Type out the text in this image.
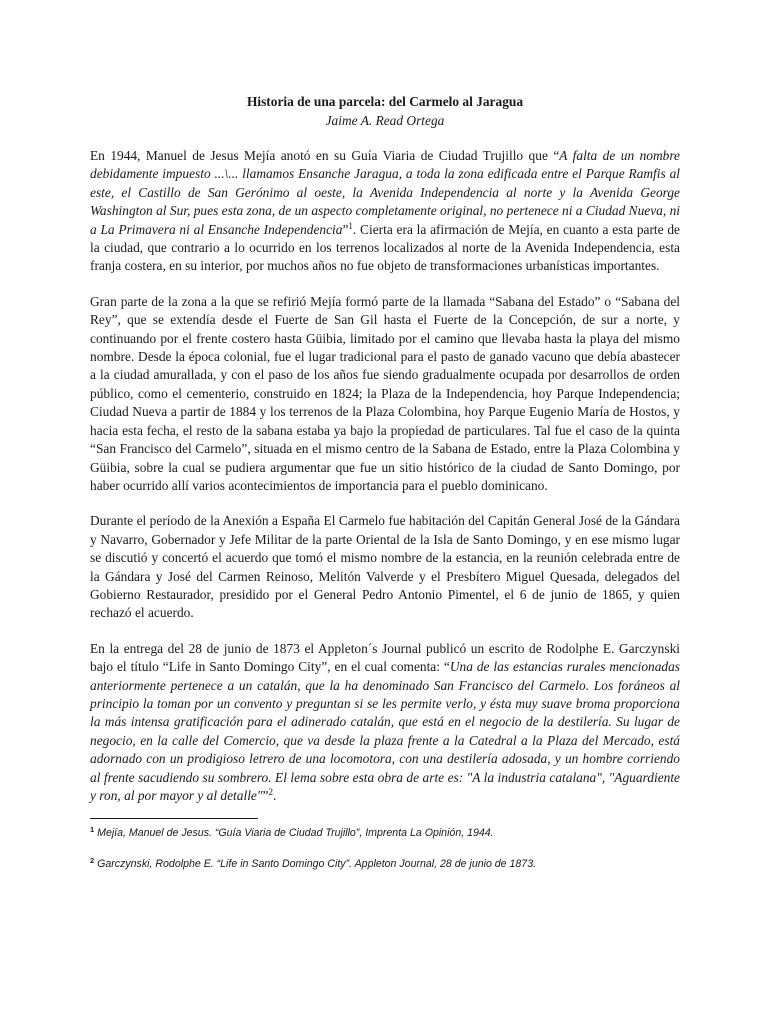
Historia de una parcela: del Carmelo al Jaragua

Jaime A. Read Ortega

En 1944, Manuel de Jesus Mejía anotó en su Guía Viaria de Ciudad Trujillo que “A falta de un nombre debidamente impuesto ...\... llamamos Ensanche Jaragua, a toda la zona edificada entre el Parque Ramfis al este, el Castillo de San Gerónimo al oeste, la Avenida Independencia al norte y la Avenida George Washington al Sur, pues esta zona, de un aspecto completamente original, no pertenece ni a Ciudad Nueva, ni a La Primavera ni al Ensanche Independencia”$^1$. Cierta era la afirmación de Mejía, en cuanto a esta parte de la ciudad, que contrario a lo ocurrido en los terrenos localizados al norte de la Avenida Independencia, esta franja costera, en su interior, por muchos años no fue objeto de transformaciones urbanísticas importantes.

Gran parte de la zona a la que se refirió Mejía formó parte de la llamada “Sabana del Estado” o “Sabana del Rey”, que se extendía desde el Fuerte de San Gil hasta el Fuerte de la Concepción, de sur a norte, y continuando por el frente costero hasta Güibia, limitado por el camino que llevaba hasta la playa del mismo nombre. Desde la época colonial, fue el lugar tradicional para el pasto de ganado vacuno que debía abastecer a la ciudad amurallada, y con el paso de los años fue siendo gradualmente ocupada por desarrollos de orden público, como el cementerio, construido en 1824; la Plaza de la Independencia, hoy Parque Independencia; Ciudad Nueva a partir de 1884 y los terrenos de la Plaza Colombina, hoy Parque Eugenio María de Hostos, y hacia esta fecha, el resto de la sabana estaba ya bajo la propiedad de particulares. Tal fue el caso de la quinta “San Francisco del Carmelo”, situada en el mismo centro de la Sabana de Estado, entre la Plaza Colombina y Güibia, sobre la cual se pudiera argumentar que fue un sitio histórico de la ciudad de Santo Domingo, por haber ocurrido allí varios acontecimientos de importancia para el pueblo dominicano.

Durante el período de la Anexión a España El Carmelo fue habitación del Capitán General José de la Gándara y Navarro, Gobernador y Jefe Militar de la parte Oriental de la Isla de Santo Domingo, y en ese mismo lugar se discutió y concertó el acuerdo que tomó el mismo nombre de la estancia, en la reunión celebrada entre de la Gándara y José del Carmen Reinoso, Melitón Valverde y el Presbítero Miguel Quesada, delegados del Gobierno Restaurador, presidido por el General Pedro Antonio Pimentel, el 6 de junio de 1865, y quien rechazó el acuerdo.

En la entrega del 28 de junio de 1873 el Appleton´s Journal publicó un escrito de Rodolphe E. Garczynski bajo el título “Life in Santo Domingo City”, en el cual comenta: “Una de las estancias rurales mencionadas anteriormente pertenece a un catalán, que la ha denominado San Francisco del Carmelo. Los foráneos al principio la toman por un convento y preguntan si se les permite verlo, y ésta muy suave broma proporciona la más intensa gratificación para el adinerado catalán, que está en el negocio de la destilería. Su lugar de negocio, en la calle del Comercio, que va desde la plaza frente a la Catedral a la Plaza del Mercado, está adornado con un prodigioso letrero de una locomotora, con una destilería adosada, y un hombre corriendo al frente sacudiendo su sombrero. El lema sobre esta obra de arte es: "A la industria catalana", "Aguardiente y ron, al por mayor y al detalle"”$^2$.

$^1$ Mejía, Manuel de Jesus. “Guía Viaria de Ciudad Trujillo”, Imprenta La Opinión, 1944.

$^2$ Garczynski, Rodolphe E. “Life in Santo Domingo City”. Appleton Journal, 28 de junio de 1873.
